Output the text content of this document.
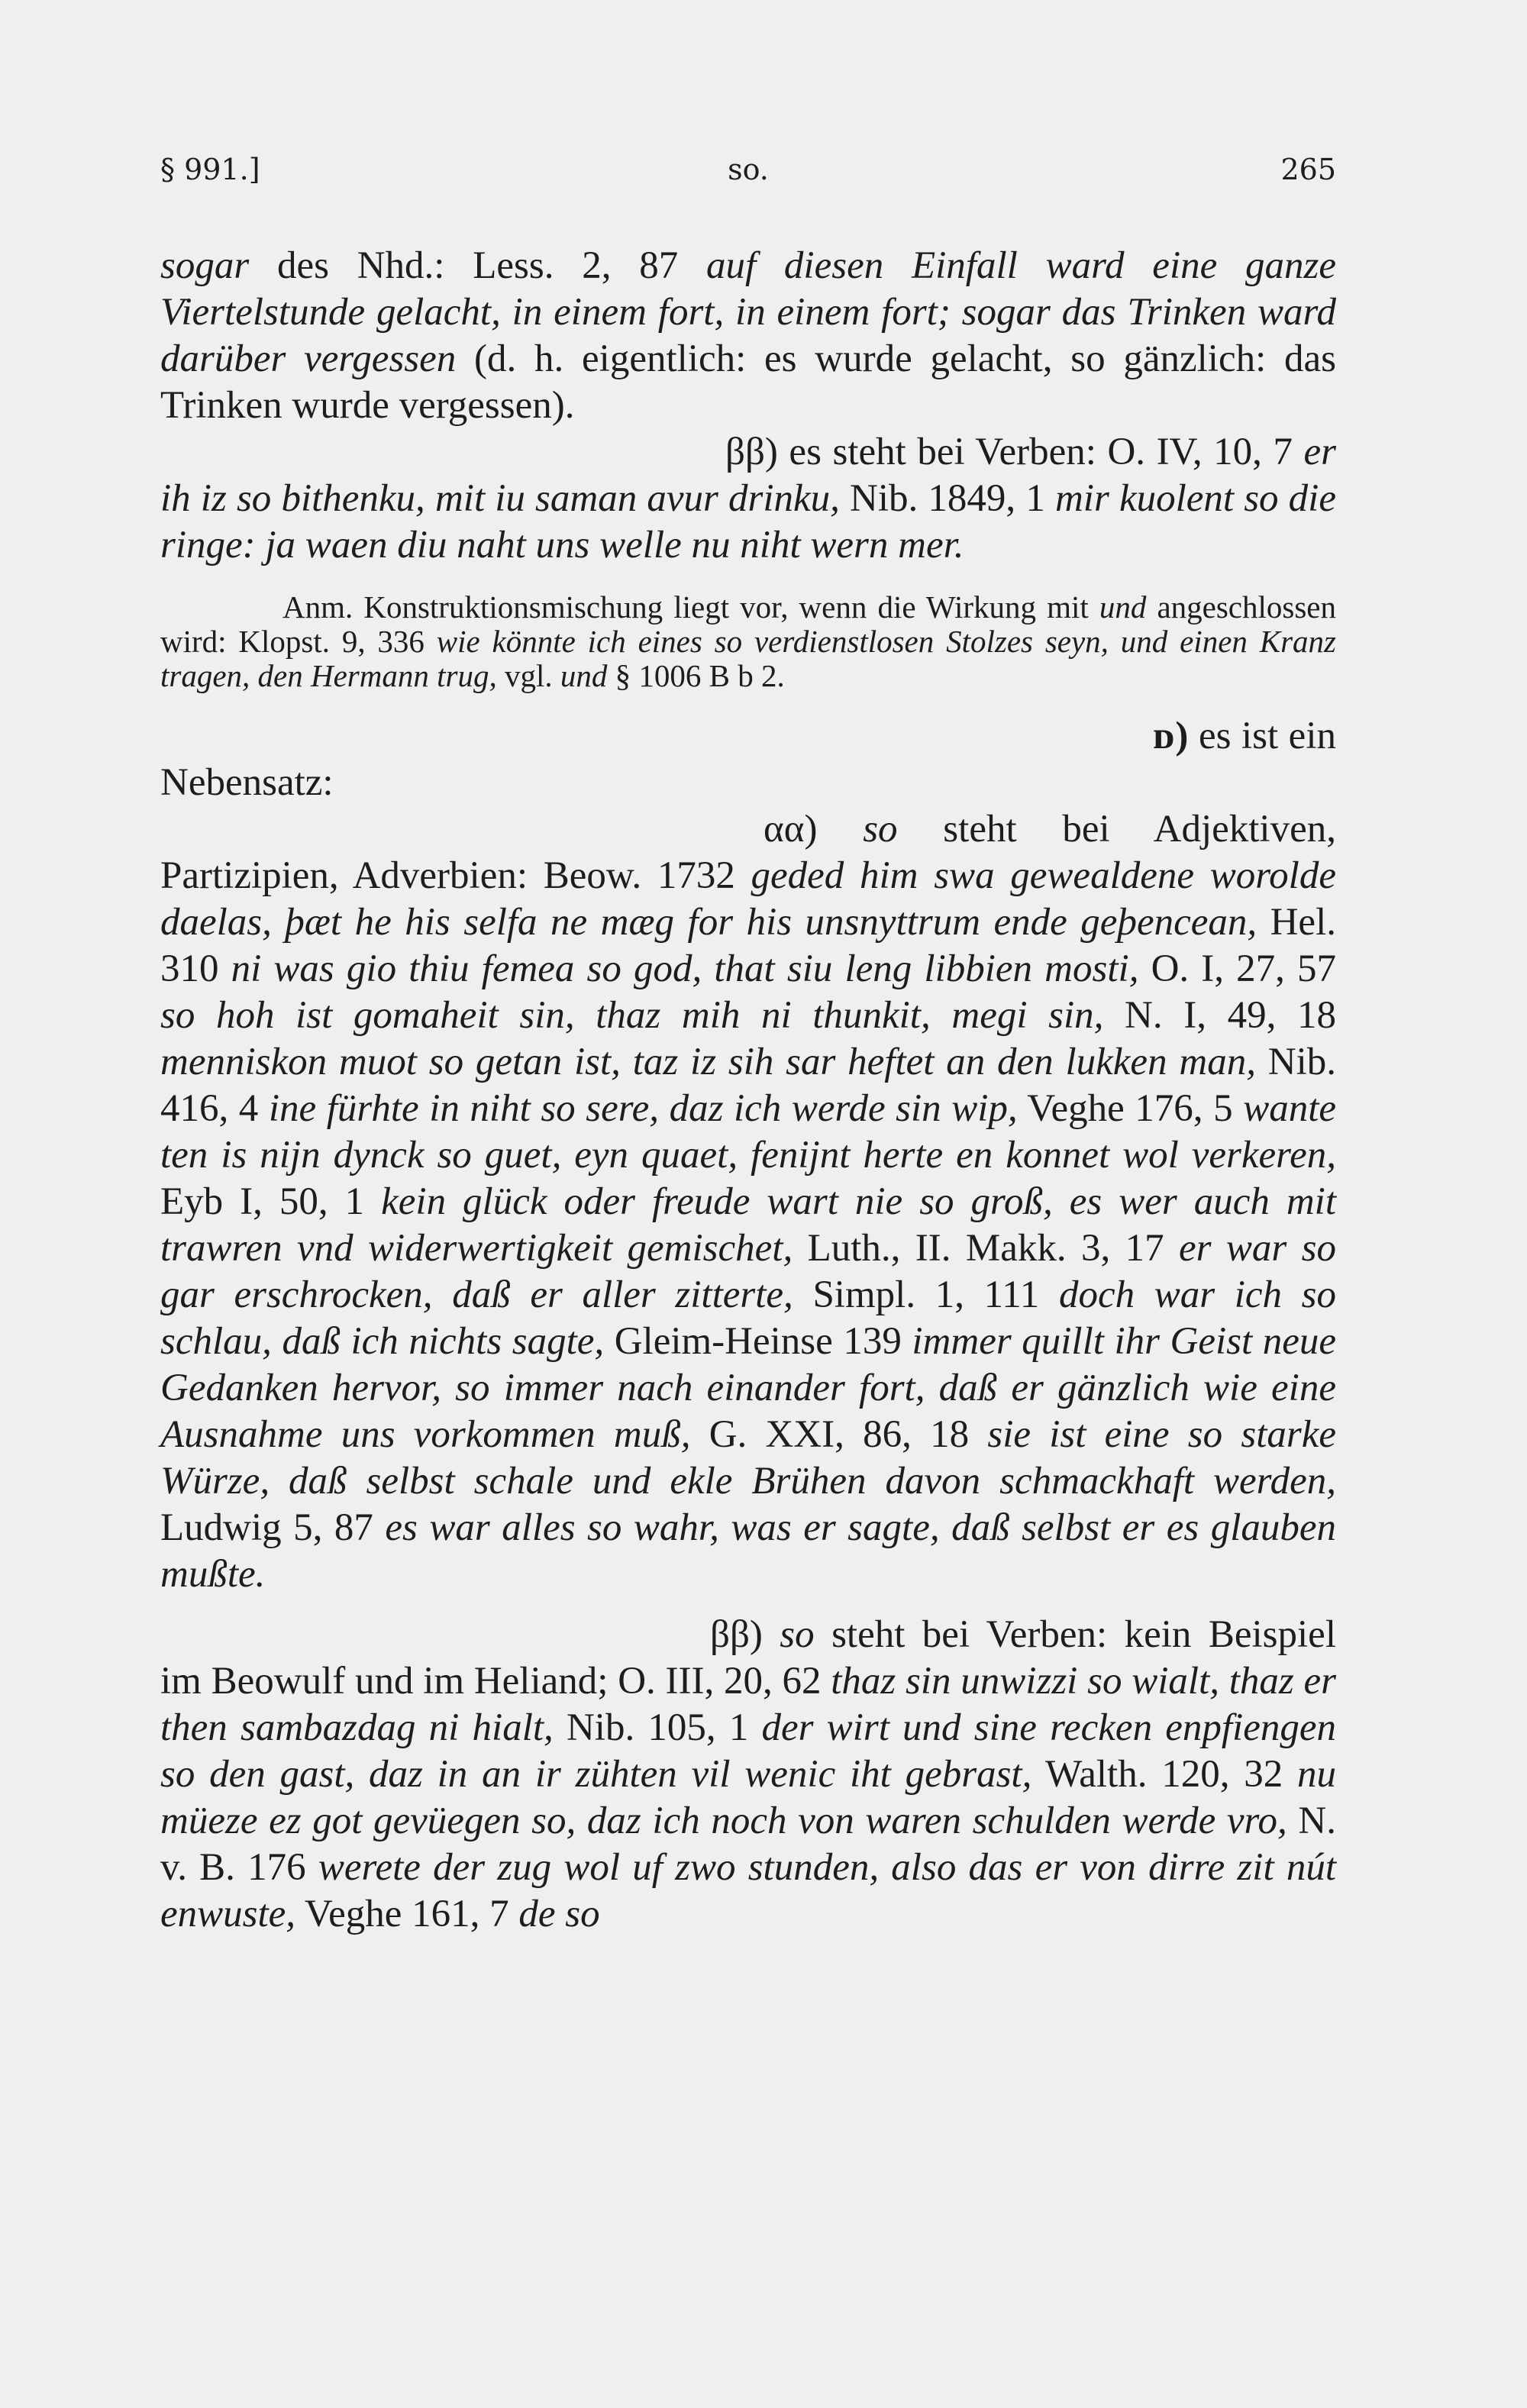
§ 991.]	so.	265

sogar des Nhd.: Less. 2, 87 auf diesen Einfall ward eine ganze Viertelstunde gelacht, in einem fort, in einem fort; sogar das Trinken ward darüber vergessen (d. h. eigentlich: es wurde gelacht, so gänzlich: das Trinken wurde vergessen).

ββ) es steht bei Verben: O. IV, 10, 7 er ih iz so bithenku, mit iu saman avur drinku, Nib. 1849, 1 mir kuolent so die ringe: ja waen diu naht uns welle nu niht wern mer.

Anm. Konstruktionsmischung liegt vor, wenn die Wirkung mit und angeschlossen wird: Klopst. 9, 336 wie könnte ich eines so verdienstlosen Stolzes seyn, und einen Kranz tragen, den Hermann trug, vgl. und § 1006 B b 2.

ᴅ) es ist ein Nebensatz:

αα) so steht bei Adjektiven, Partizipien, Adverbien: Beow. 1732 geded him swa gewealdene worolde daelas, þæt he his selfa ne mæg for his unsnyttrum ende geþencean, Hel. 310 ni was gio thiu femea so god, that siu leng libbien mosti, O. I, 27, 57 so hoh ist gomaheit sin, thaz mih ni thunkit, megi sin, N. I, 49, 18 menniskon muot so getan ist, taz iz sih sar heftet an den lukken man, Nib. 416, 4 ine fürhte in niht so sere, daz ich werde sin wip, Veghe 176, 5 wante ten is nijn dynck so guet, eyn quaet, fenijnt herte en konnet wol verkeren, Eyb I, 50, 1 kein glück oder freude wart nie so groß, es wer auch mit trawren vnd widerwertigkeit gemischet, Luth., II. Makk. 3, 17 er war so gar erschrocken, daß er aller zitterte, Simpl. 1, 111 doch war ich so schlau, daß ich nichts sagte, Gleim-Heinse 139 immer quillt ihr Geist neue Gedanken hervor, so immer nach einander fort, daß er gänzlich wie eine Ausnahme uns vorkommen muß, G. XXI, 86, 18 sie ist eine so starke Würze, daß selbst schale und ekle Brühen davon schmackhaft werden, Ludwig 5, 87 es war alles so wahr, was er sagte, daß selbst er es glauben mußte.

ββ) so steht bei Verben: kein Beispiel im Beowulf und im Heliand; O. III, 20, 62 thaz sin unwizzi so wialt, thaz er then sambazdag ni hialt, Nib. 105, 1 der wirt und sine recken enpfiengen so den gast, daz in an ir zühten vil wenic iht gebrast, Walth. 120, 32 nu müeze ez got gevüegen so, daz ich noch von waren schulden werde vro, N. v. B. 176 werete der zug wol uf zwo stunden, also das er von dirre zit nút enwuste, Veghe 161, 7 de so
